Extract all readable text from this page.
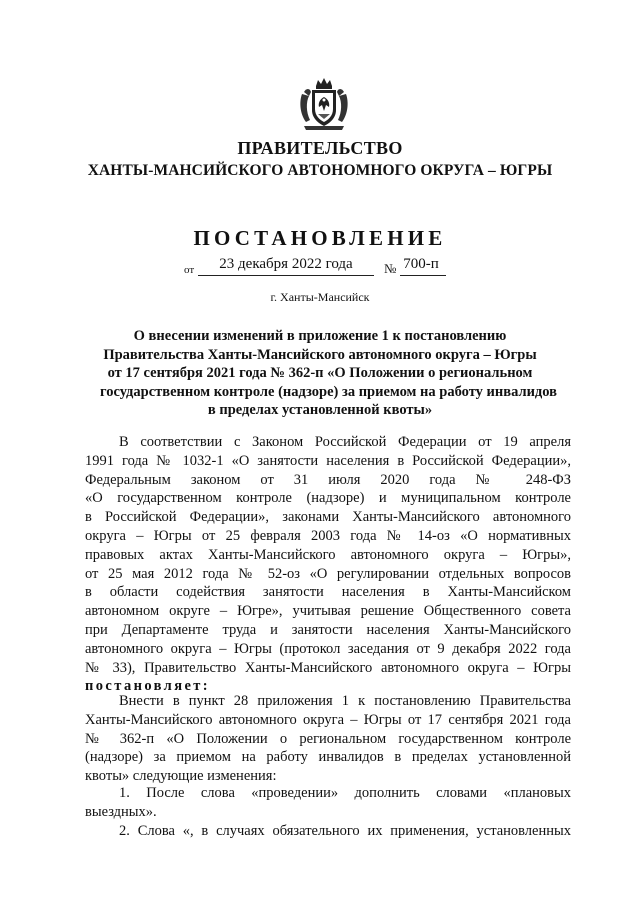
ПРАВИТЕЛЬСТВО
ХАНТЫ-МАНСИЙСКОГО АВТОНОМНОГО ОКРУГА – ЮГРЫ
ПОСТАНОВЛЕНИЕ
от	23 декабря 2022 года	№ 700-п
г. Ханты-Мансийск
О внесении изменений в приложение 1 к постановлению
Правительства Ханты-Мансийского автономного округа – Югры
от 17 сентября 2021 года № 362-п «О Положении о региональном
государственном контроле (надзоре) за приемом на работу инвалидов
в пределах установленной квоты»
В соответствии с Законом Российской Федерации от 19 апреля
1991 года № 1032-1 «О занятости населения в Российской Федерации»,
Федеральным законом от 31 июля 2020 года № 248-ФЗ
«О государственном контроле (надзоре) и муниципальном контроле
в Российской Федерации», законами Ханты-Мансийского автономного
округа – Югры от 25 февраля 2003 года № 14-оз «О нормативных
правовых актах Ханты-Мансийского автономного округа – Югры»,
от 25 мая 2012 года № 52-оз «О регулировании отдельных вопросов
в области содействия занятости населения в Ханты-Мансийском
автономном округе – Югре», учитывая решение Общественного совета
при Департаменте труда и занятости населения Ханты-Мансийского
автономного округа – Югры (протокол заседания от 9 декабря 2022 года
№ 33), Правительство Ханты-Мансийского автономного округа – Югры
постановляет:
Внести в пункт 28 приложения 1 к постановлению Правительства
Ханты-Мансийского автономного округа – Югры от 17 сентября 2021 года
№ 362-п «О Положении о региональном государственном контроле
(надзоре) за приемом на работу инвалидов в пределах установленной
квоты» следующие изменения:
1. После слова «проведении» дополнить словами «плановых
выездных».
2. Слова «, в случаях обязательного их применения, установленных
